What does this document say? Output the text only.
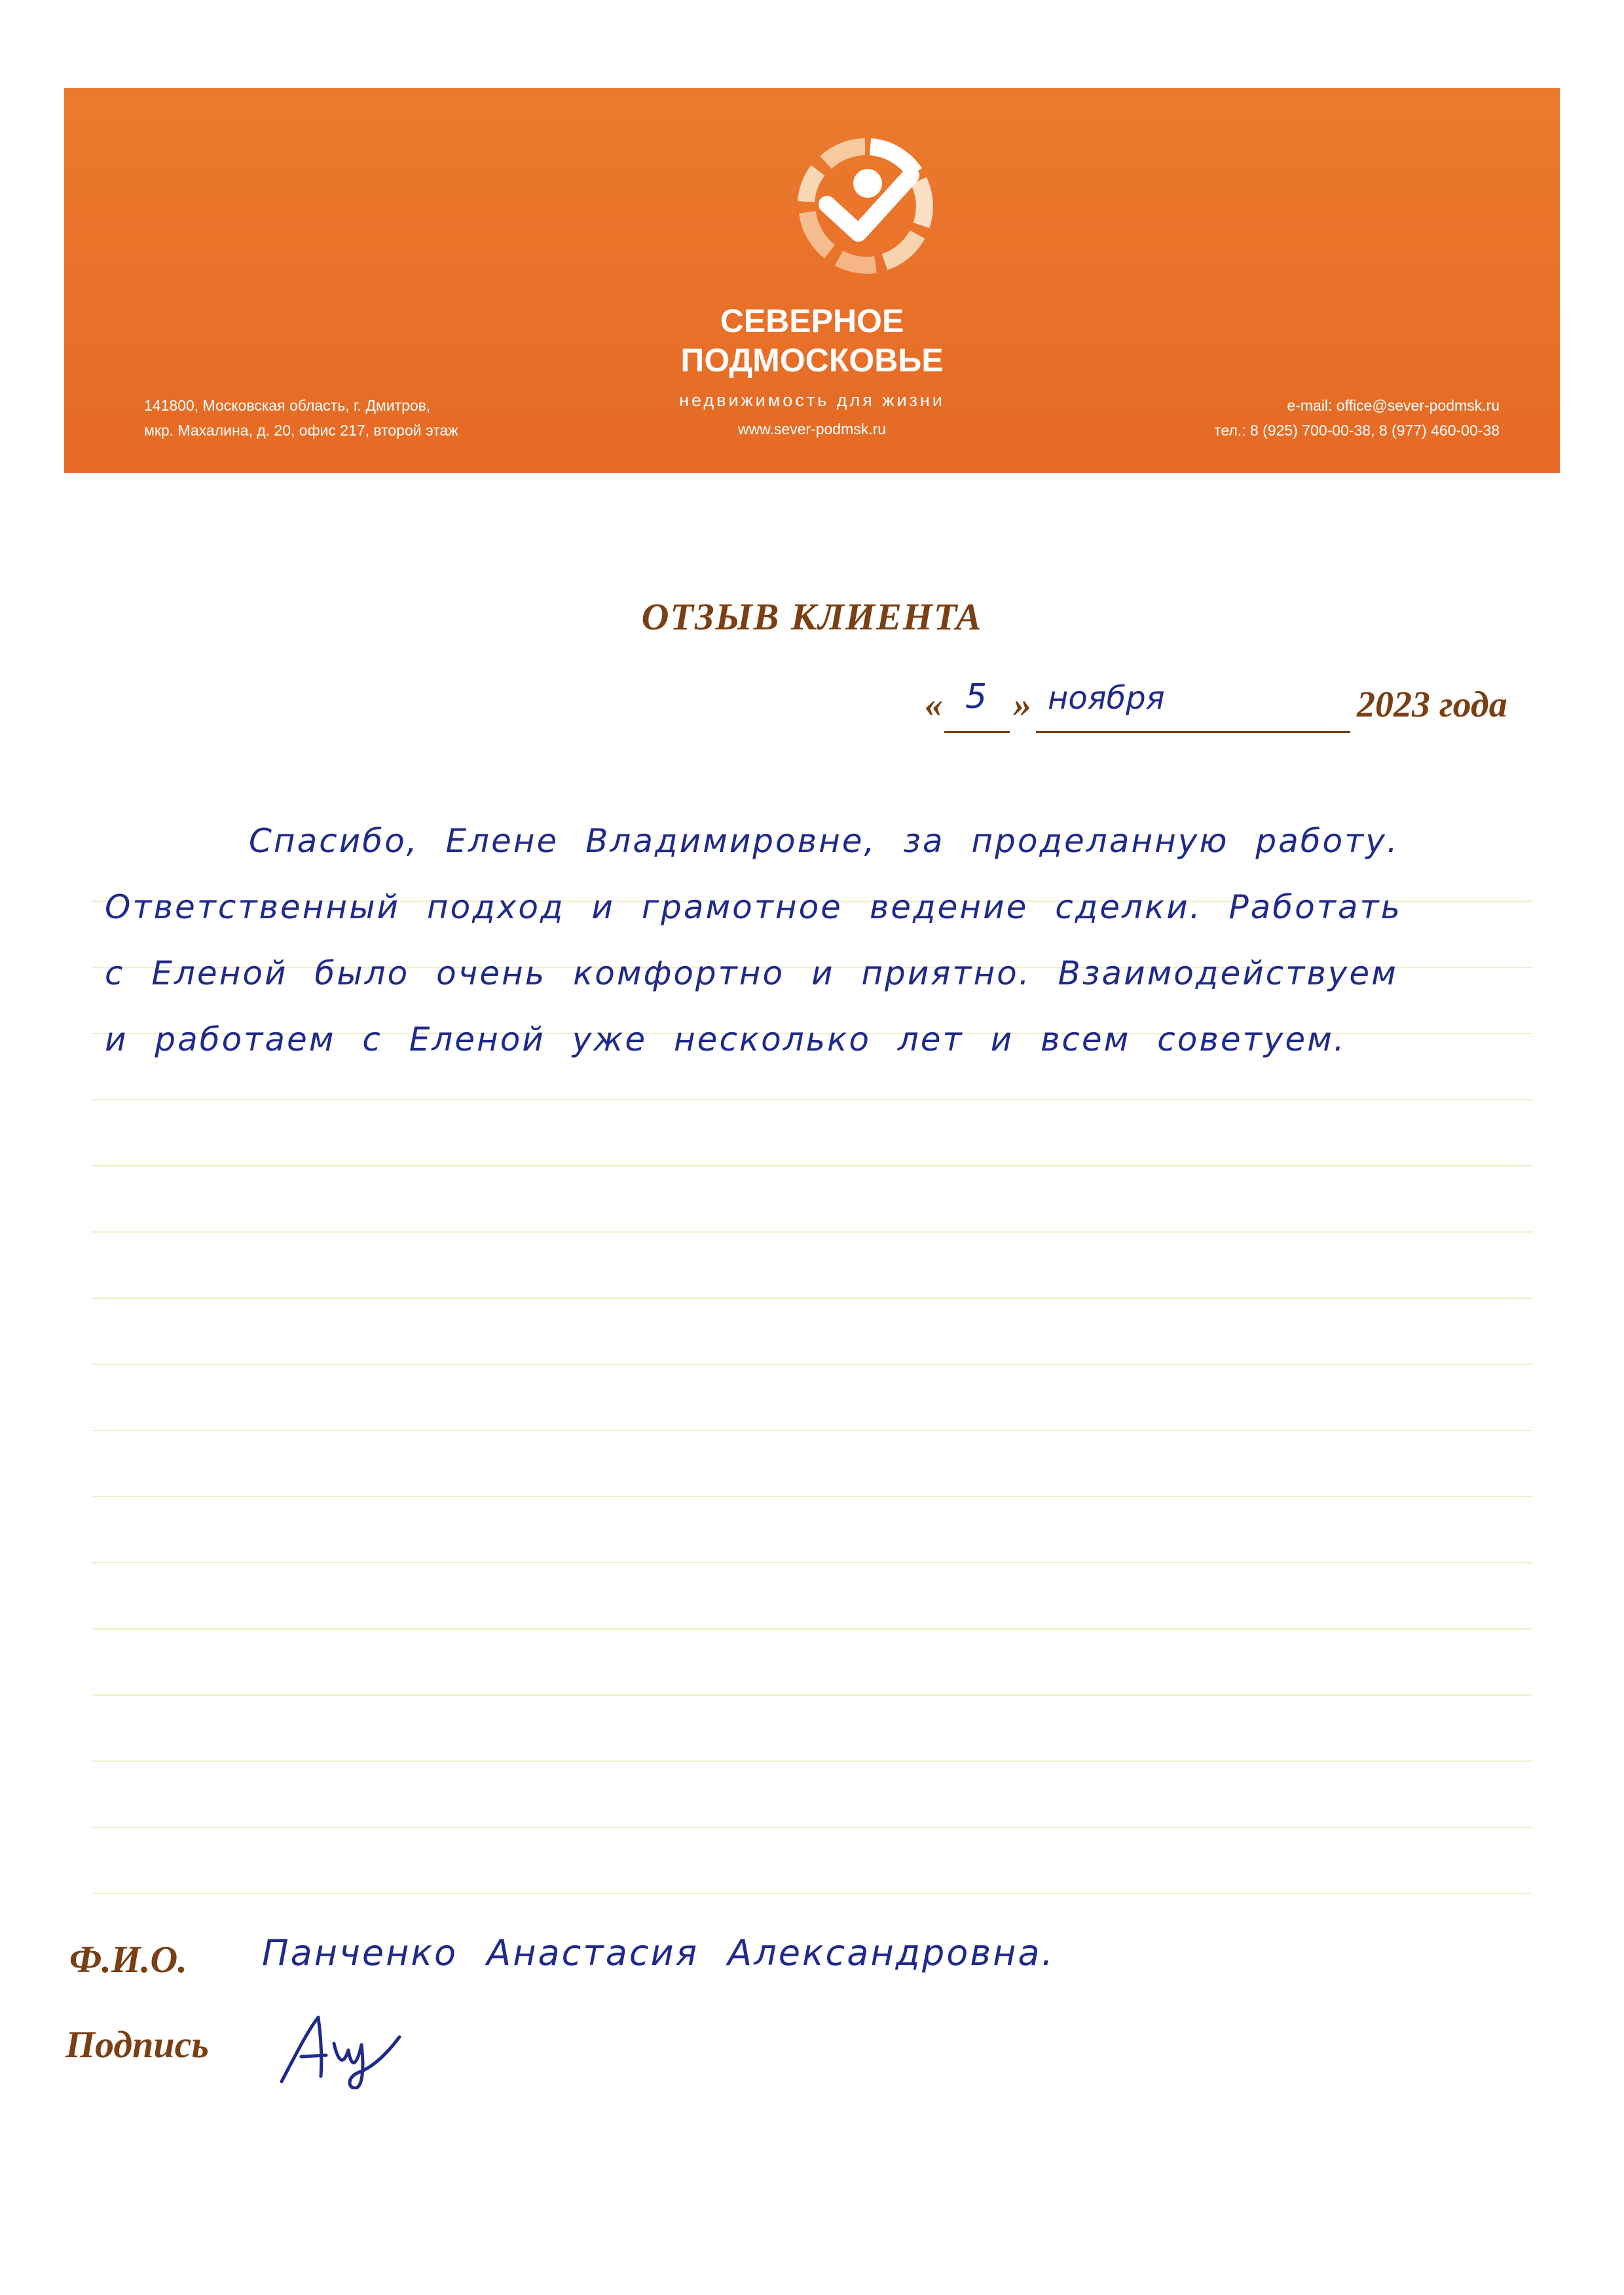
СЕВЕРНОЕ
ПОДМОСКОВЬЕ
недвижимость для жизни
www.sever-podmsk.ru
141800, Московская область, г. Дмитров,
мкр. Махалина, д. 20, офис 217, второй этаж
e-mail: office@sever-podmsk.ru
тел.: 8 (925) 700-00-38, 8 (977) 460-00-38
ОТЗЫВ КЛИЕНТА
« 5 » ноября	2023 года
Спасибо, Елене Владимировне, за проделанную работу.
Ответственный подход и грамотное ведение сделки. Работать
с Еленой было очень комфортно и приятно. Взаимодействуем
и работаем с Еленой уже несколько лет и всем советуем.
Ф.И.О. Панченко Анастасия Александровна.
Подпись
